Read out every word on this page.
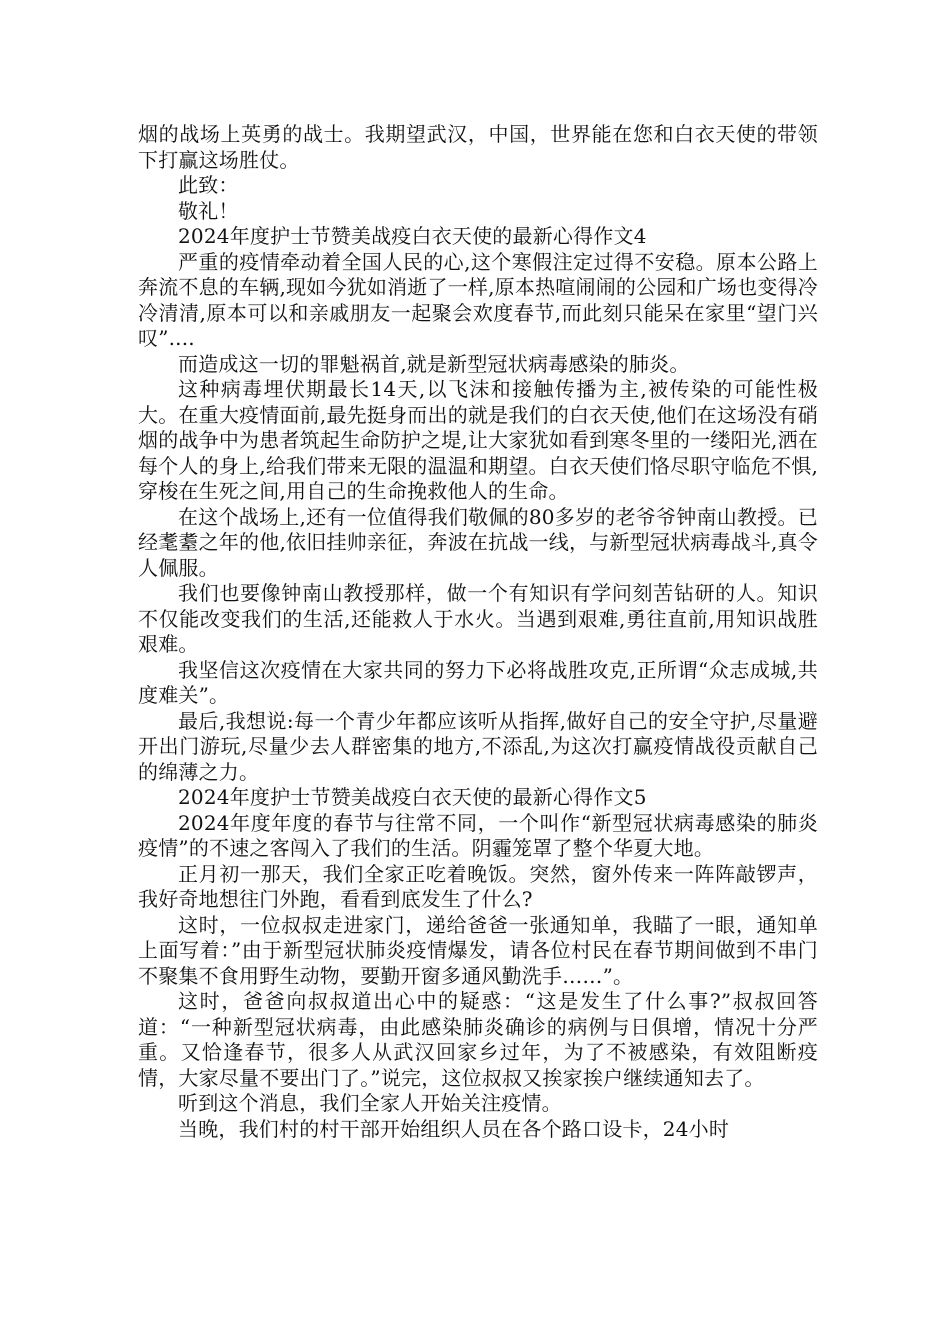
烟的战场上英勇的战士。我期望武汉，中国，世界能在您和白衣天使的带领下打赢这场胜仗。

此致：

敬礼！

2024年度护士节赞美战疫白衣天使的最新心得作文4

严重的疫情牵动着全国人民的心,这个寒假注定过得不安稳。原本公路上奔流不息的车辆,现如今犹如消逝了一样,原本热喧闹闹的公园和广场也变得冷冷清清,原本可以和亲戚朋友一起聚会欢度春节,而此刻只能呆在家里“望门兴叹”....

而造成这一切的罪魁祸首,就是新型冠状病毒感染的肺炎。

这种病毒埋伏期最长14天,以飞沫和接触传播为主,被传染的可能性极大。在重大疫情面前,最先挺身而出的就是我们的白衣天使,他们在这场没有硝烟的战争中为患者筑起生命防护之堤,让大家犹如看到寒冬里的一缕阳光,洒在每个人的身上,给我们带来无限的温温和期望。白衣天使们恪尽职守临危不惧,穿梭在生死之间,用自己的生命挽救他人的生命。

在这个战场上,还有一位值得我们敬佩的80多岁的老爷爷钟南山教授。已经耄耋之年的他,依旧挂帅亲征，奔波在抗战一线，与新型冠状病毒战斗,真令人佩服。

我们也要像钟南山教授那样，做一个有知识有学问刻苦钻研的人。知识不仅能改变我们的生活,还能救人于水火。当遇到艰难,勇往直前,用知识战胜艰难。

我坚信这次疫情在大家共同的努力下必将战胜攻克,正所谓“众志成城,共度难关”。

最后,我想说:每一个青少年都应该听从指挥,做好自己的安全守护,尽量避开出门游玩,尽量少去人群密集的地方,不添乱,为这次打赢疫情战役贡献自己的绵薄之力。

2024年度护士节赞美战疫白衣天使的最新心得作文5

2024年度年度的春节与往常不同，一个叫作“新型冠状病毒感染的肺炎疫情”的不速之客闯入了我们的生活。阴霾笼罩了整个华夏大地。

正月初一那天，我们全家正吃着晚饭。突然，窗外传来一阵阵敲锣声，我好奇地想往门外跑，看看到底发生了什么?

这时，一位叔叔走进家门，递给爸爸一张通知单，我瞄了一眼，通知单上面写着：”由于新型冠状肺炎疫情爆发，请各位村民在春节期间做到不串门不聚集不食用野生动物，要勤开窗多通风勤洗手……”。

这时，爸爸向叔叔道出心中的疑惑：“这是发生了什么事?”叔叔回答道：“一种新型冠状病毒，由此感染肺炎确诊的病例与日俱增，情况十分严重。又恰逢春节，很多人从武汉回家乡过年，为了不被感染，有效阻断疫情，大家尽量不要出门了。”说完，这位叔叔又挨家挨户继续通知去了。

听到这个消息，我们全家人开始关注疫情。

当晚，我们村的村干部开始组织人员在各个路口设卡，24小时
